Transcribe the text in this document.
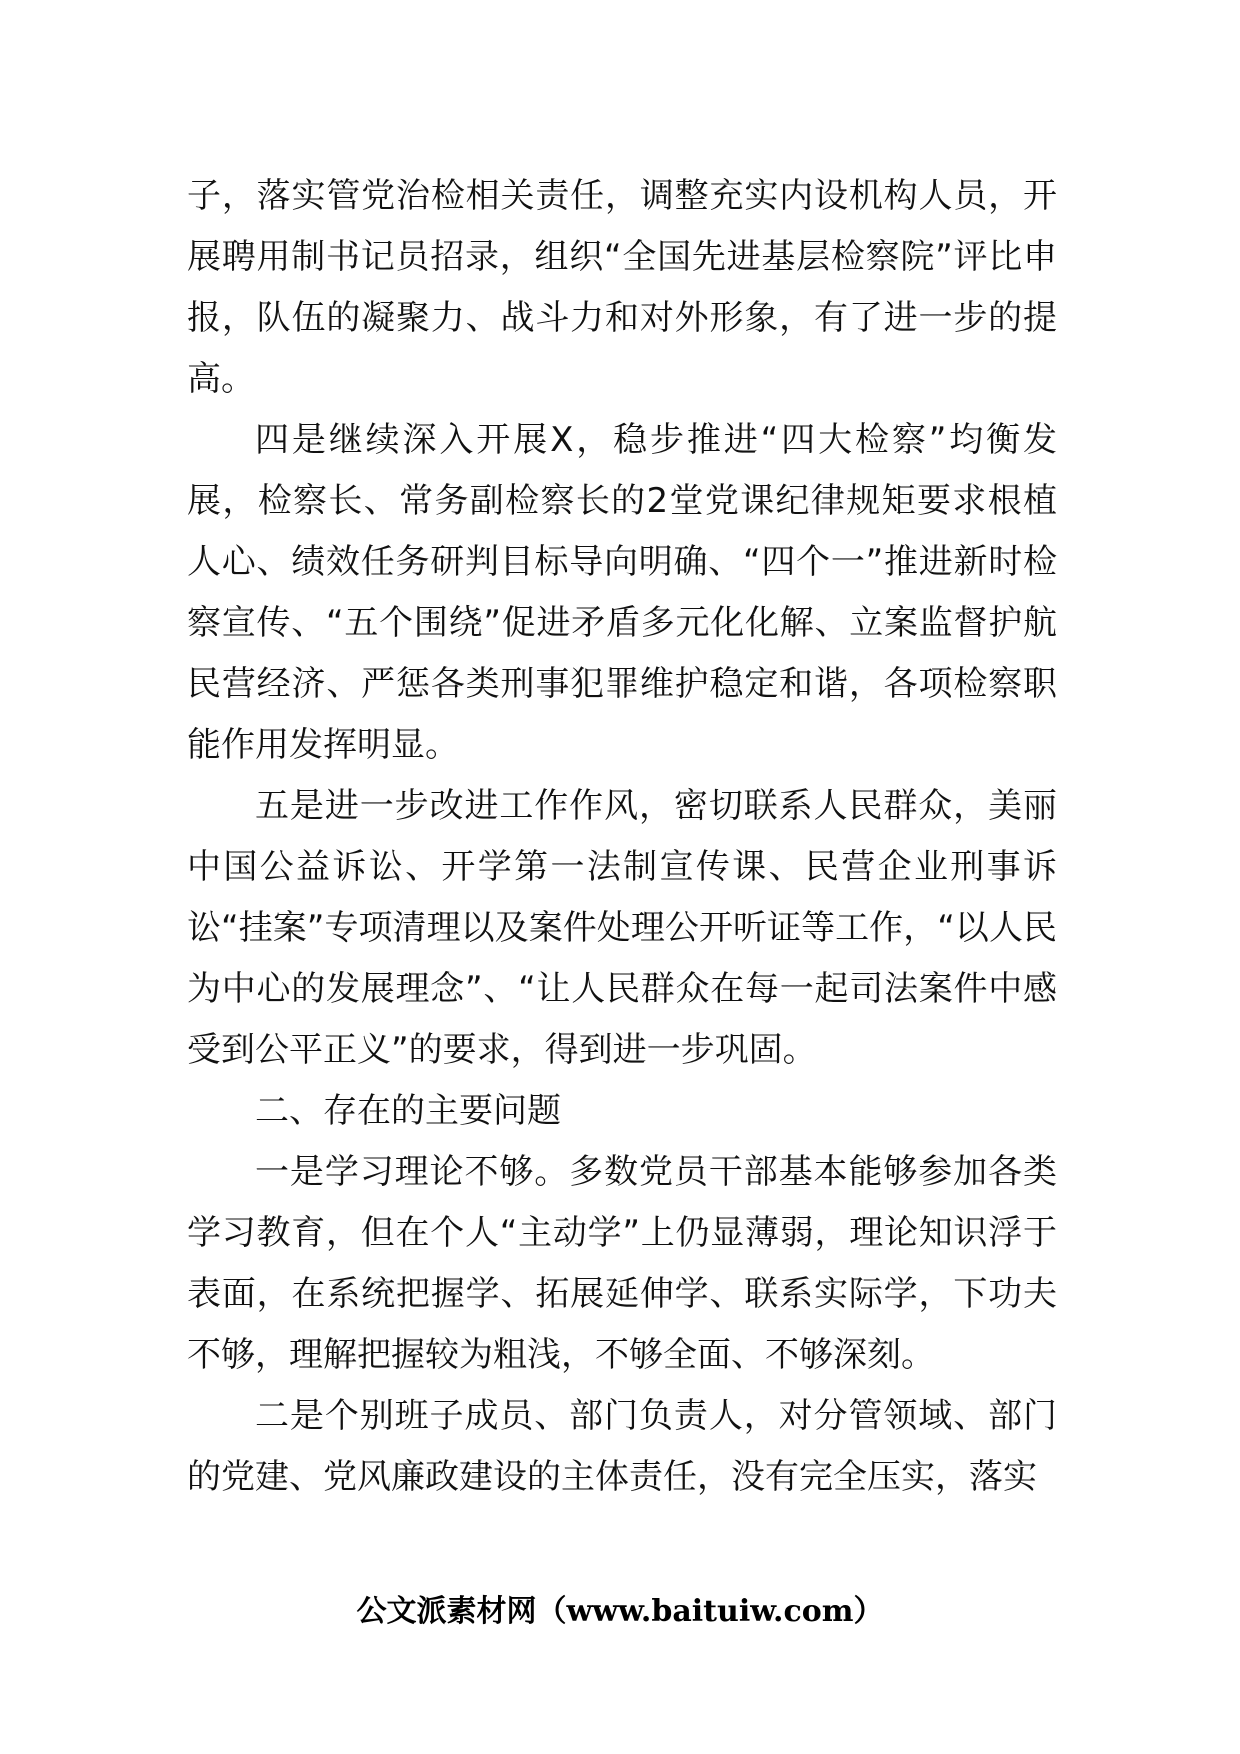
子，落实管党治检相关责任，调整充实内设机构人员，开展聘用制书记员招录，组织“全国先进基层检察院”评比申报，队伍的凝聚力、战斗力和对外形象，有了进一步的提高。

四是继续深入开展X，稳步推进“四大检察”均衡发展，检察长、常务副检察长的2堂党课纪律规矩要求根植人心、绩效任务研判目标导向明确、“四个一”推进新时检察宣传、“五个围绕”促进矛盾多元化化解、立案监督护航民营经济、严惩各类刑事犯罪维护稳定和谐，各项检察职能作用发挥明显。

五是进一步改进工作作风，密切联系人民群众，美丽中国公益诉讼、开学第一法制宣传课、民营企业刑事诉讼“挂案”专项清理以及案件处理公开听证等工作，“以人民为中心的发展理念”、“让人民群众在每一起司法案件中感受到公平正义”的要求，得到进一步巩固。

二、存在的主要问题

一是学习理论不够。多数党员干部基本能够参加各类学习教育，但在个人“主动学”上仍显薄弱，理论知识浮于表面，在系统把握学、拓展延伸学、联系实际学，下功夫不够，理解把握较为粗浅，不够全面、不够深刻。

二是个别班子成员、部门负责人，对分管领域、部门的党建、党风廉政建设的主体责任，没有完全压实，落实

公文派素材网（www.baituiw.com）
